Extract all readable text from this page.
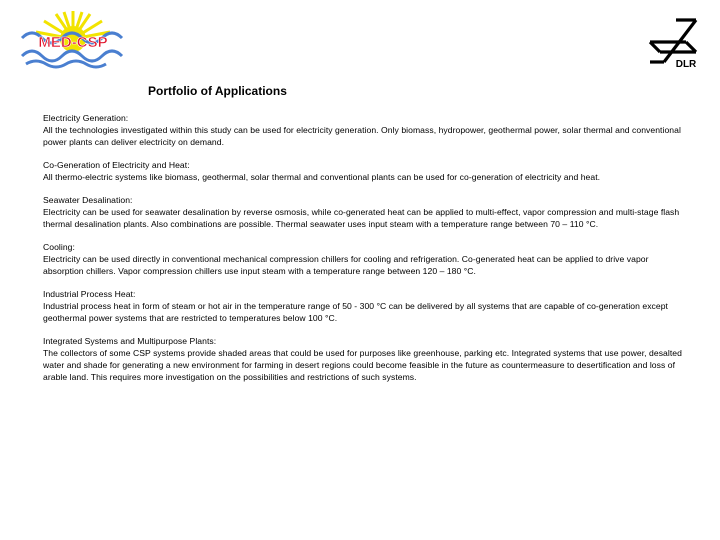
MED-CSP
DLR
Portfolio of Applications
Electricity Generation:
All the technologies investigated within this study can be used for electricity generation. Only biomass, hydropower, geothermal power, solar thermal and conventional power plants can deliver electricity on demand.
Co-Generation of Electricity and Heat:
All thermo-electric systems like biomass, geothermal, solar thermal and conventional plants can be used for co-generation of electricity and heat.
Seawater Desalination:
Electricity can be used for seawater desalination by reverse osmosis, while co-generated heat can be applied to multi-effect, vapor compression and multi-stage flash thermal desalination plants. Also combinations are possible. Thermal seawater uses input steam with a temperature range between 70 – 110 °C.
Cooling:
Electricity can be used directly in conventional mechanical compression chillers for cooling and refrigeration. Co-generated heat can be applied to drive vapor absorption chillers. Vapor compression chillers use input steam with a temperature range between 120 – 180 °C.
Industrial Process Heat:
Industrial process heat in form of steam or hot air in the temperature range of 50 - 300 °C can be delivered by all systems that are capable of co-generation except geothermal power systems that are restricted to temperatures below 100 °C.
Integrated Systems and Multipurpose Plants:
The collectors of some CSP systems provide shaded areas that could be used for purposes like greenhouse, parking etc. Integrated systems that use power, desalted water and shade for generating a new environment for farming in desert regions could become feasible in the future as countermeasure to desertification and loss of arable land. This requires more investigation on the possibilities and restrictions of such systems.
